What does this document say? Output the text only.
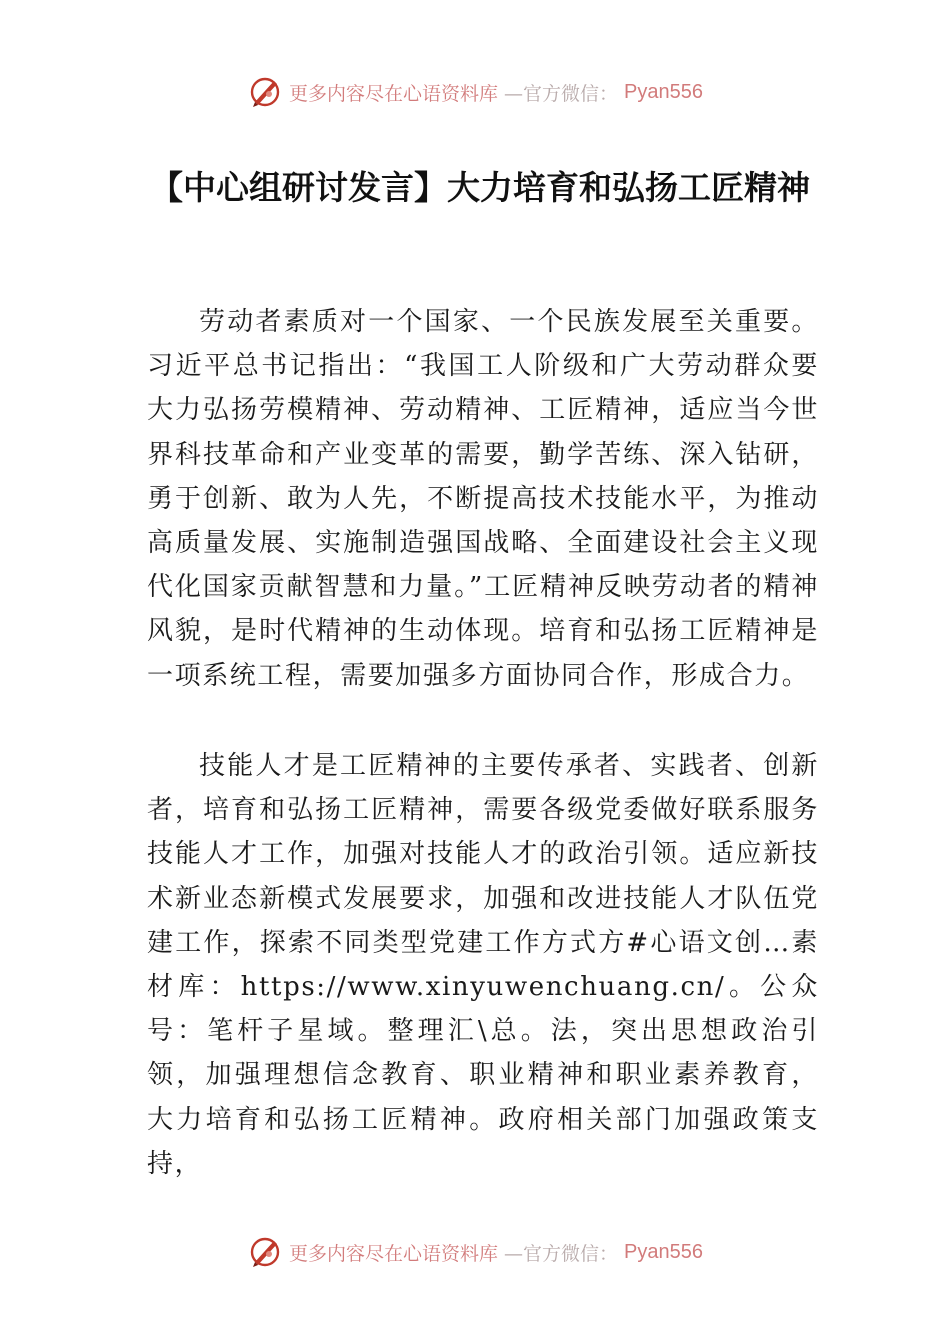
更多内容尽在心语资料库 —官方微信： Pyan556
【中心组研讨发言】大力培育和弘扬工匠精神

劳动者素质对一个国家、一个民族发展至关重要。习近平总书记指出：“我国工人阶级和广大劳动群众要大力弘扬劳模精神、劳动精神、工匠精神，适应当今世界科技革命和产业变革的需要，勤学苦练、深入钻研，勇于创新、敢为人先，不断提高技术技能水平，为推动高质量发展、实施制造强国战略、全面建设社会主义现代化国家贡献智慧和力量。”工匠精神反映劳动者的精神风貌，是时代精神的生动体现。培育和弘扬工匠精神是一项系统工程，需要加强多方面协同合作，形成合力。

技能人才是工匠精神的主要传承者、实践者、创新者，培育和弘扬工匠精神，需要各级党委做好联系服务技能人才工作，加强对技能人才的政治引领。适应新技术新业态新模式发展要求，加强和改进技能人才队伍党建工作，探索不同类型党建工作方式方#心语文创…素材库：https://www.xinyuwenchuang.cn/。公众号：笔杆子星域。整理汇\总。法，突出思想政治引领，加强理想信念教育、职业精神和职业素养教育， 大力培育和弘扬工匠精神。政府相关部门加强政策支持，

更多内容尽在心语资料库 —官方微信： Pyan556
